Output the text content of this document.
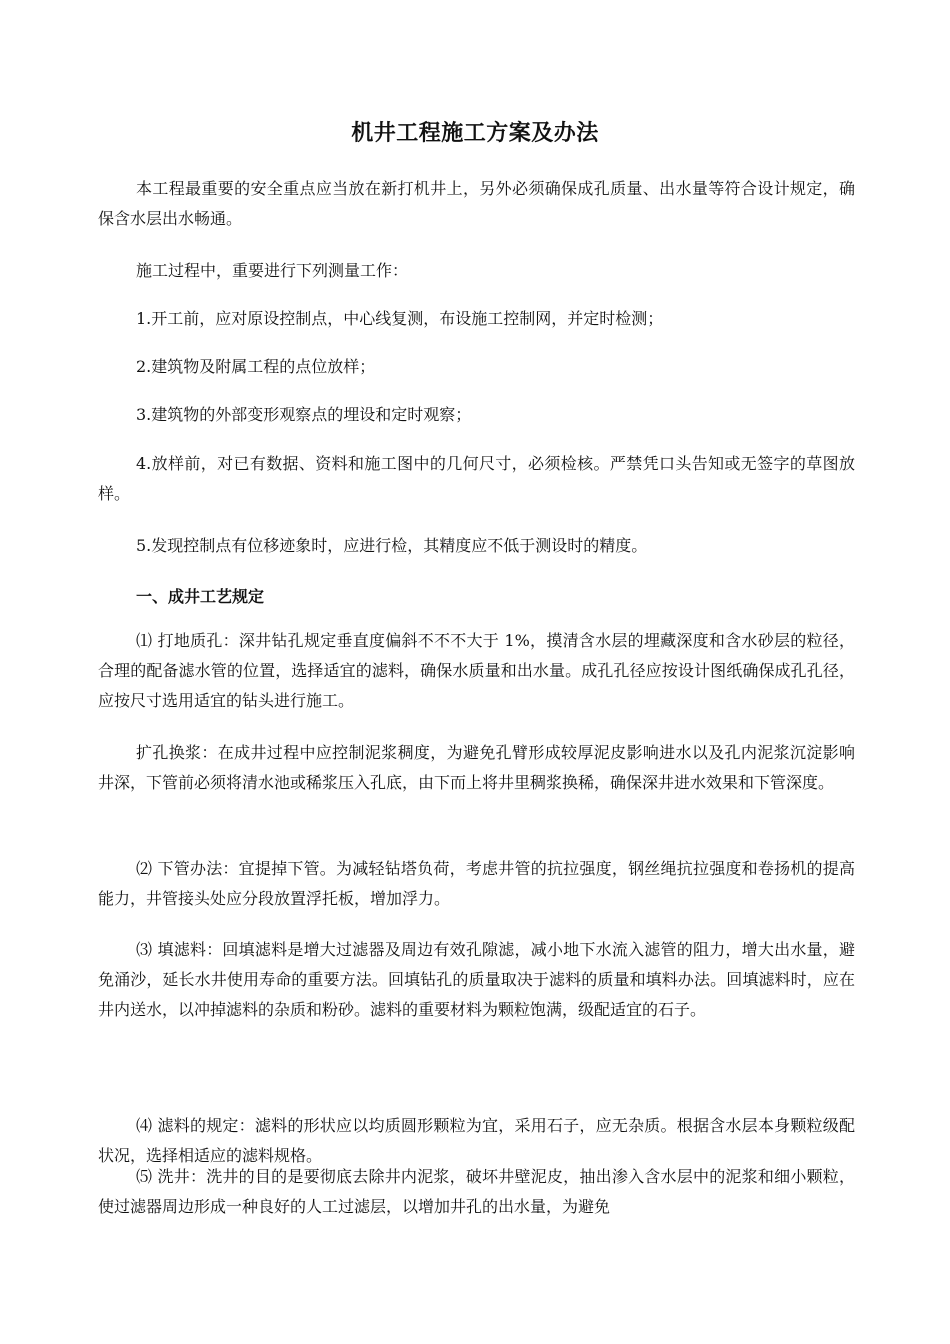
机井工程施工方案及办法

本工程最重要的安全重点应当放在新打机井上，另外必须确保成孔质量、出水量等符合设计规定，确保含水层出水畅通。

施工过程中，重要进行下列测量工作：

1.开工前，应对原设控制点，中心线复测，布设施工控制网，并定时检测；

2.建筑物及附属工程的点位放样；

3.建筑物的外部变形观察点的埋设和定时观察；

4.放样前，对已有数据、资料和施工图中的几何尺寸，必须检核。严禁凭口头告知或无签字的草图放样。

5.发现控制点有位移迹象时，应进行检，其精度应不低于测设时的精度。

一、成井工艺规定

⑴ 打地质孔：深井钻孔规定垂直度偏斜不不不大于 1%，摸清含水层的埋藏深度和含水砂层的粒径，合理的配备滤水管的位置，选择适宜的滤料，确保水质量和出水量。成孔孔径应按设计图纸确保成孔孔径，应按尺寸选用适宜的钻头进行施工。

扩孔换浆：在成井过程中应控制泥浆稠度，为避免孔臂形成较厚泥皮影响进水以及孔内泥浆沉淀影响井深，下管前必须将清水池或稀浆压入孔底，由下而上将井里稠浆换稀，确保深井进水效果和下管深度。

⑵ 下管办法：宜提掉下管。为减轻钻塔负荷，考虑井管的抗拉强度，钢丝绳抗拉强度和卷扬机的提高能力，井管接头处应分段放置浮托板，增加浮力。

⑶ 填滤料：回填滤料是增大过滤器及周边有效孔隙滤，减小地下水流入滤管的阻力，增大出水量，避免涌沙，延长水井使用寿命的重要方法。回填钻孔的质量取决于滤料的质量和填料办法。回填滤料时，应在井内送水，以冲掉滤料的杂质和粉砂。滤料的重要材料为颗粒饱满，级配适宜的石子。

⑷ 滤料的规定：滤料的形状应以均质圆形颗粒为宜，采用石子，应无杂质。根据含水层本身颗粒级配状况，选择相适应的滤料规格。

⑸ 洗井：洗井的目的是要彻底去除井内泥浆，破坏井壁泥皮，抽出渗入含水层中的泥浆和细小颗粒，使过滤器周边形成一种良好的人工过滤层，以增加井孔的出水量，为避免
